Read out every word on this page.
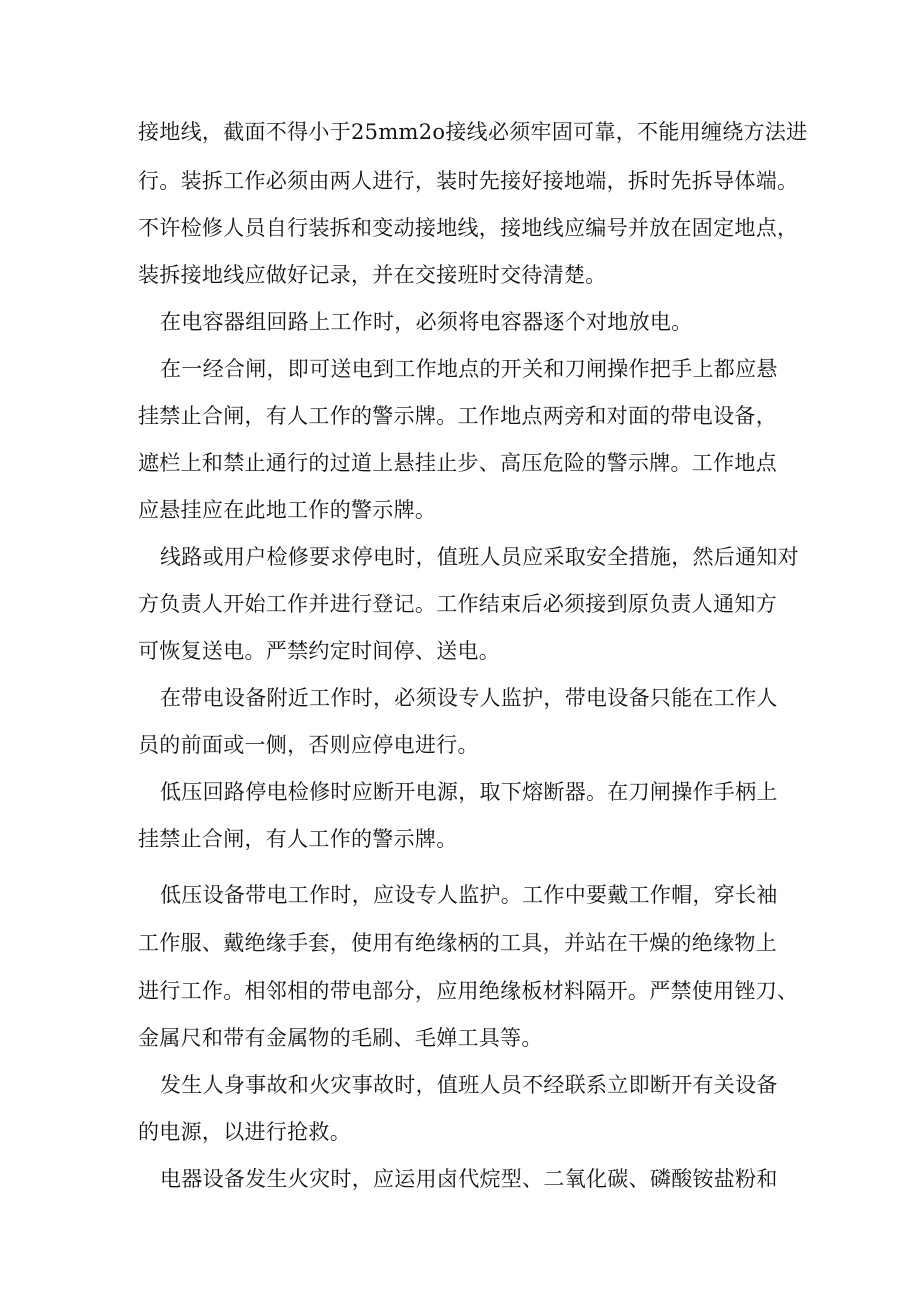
接地线，截面不得小于25mm2o接线必须牢固可靠，不能用缠绕方法进
行。装拆工作必须由两人进行，装时先接好接地端，拆时先拆导体端。
不许检修人员自行装拆和变动接地线，接地线应编号并放在固定地点，
装拆接地线应做好记录，并在交接班时交待清楚。
在电容器组回路上工作时，必须将电容器逐个对地放电。
在一经合闸，即可送电到工作地点的开关和刀闸操作把手上都应悬
挂禁止合闸，有人工作的警示牌。工作地点两旁和对面的带电设备，
遮栏上和禁止通行的过道上悬挂止步、高压危险的警示牌。工作地点
应悬挂应在此地工作的警示牌。
线路或用户检修要求停电时，值班人员应采取安全措施，然后通知对
方负责人开始工作并进行登记。工作结束后必须接到原负责人通知方
可恢复送电。严禁约定时间停、送电。
在带电设备附近工作时，必须设专人监护，带电设备只能在工作人
员的前面或一侧，否则应停电进行。
低压回路停电检修时应断开电源，取下熔断器。在刀闸操作手柄上
挂禁止合闸，有人工作的警示牌。
低压设备带电工作时，应设专人监护。工作中要戴工作帽，穿长袖
工作服、戴绝缘手套，使用有绝缘柄的工具，并站在干燥的绝缘物上
进行工作。相邻相的带电部分，应用绝缘板材料隔开。严禁使用锉刀、
金属尺和带有金属物的毛刷、毛婵工具等。
发生人身事故和火灾事故时，值班人员不经联系立即断开有关设备
的电源，以进行抢救。
电器设备发生火灾时，应运用卤代烷型、二氧化碳、磷酸铵盐粉和
